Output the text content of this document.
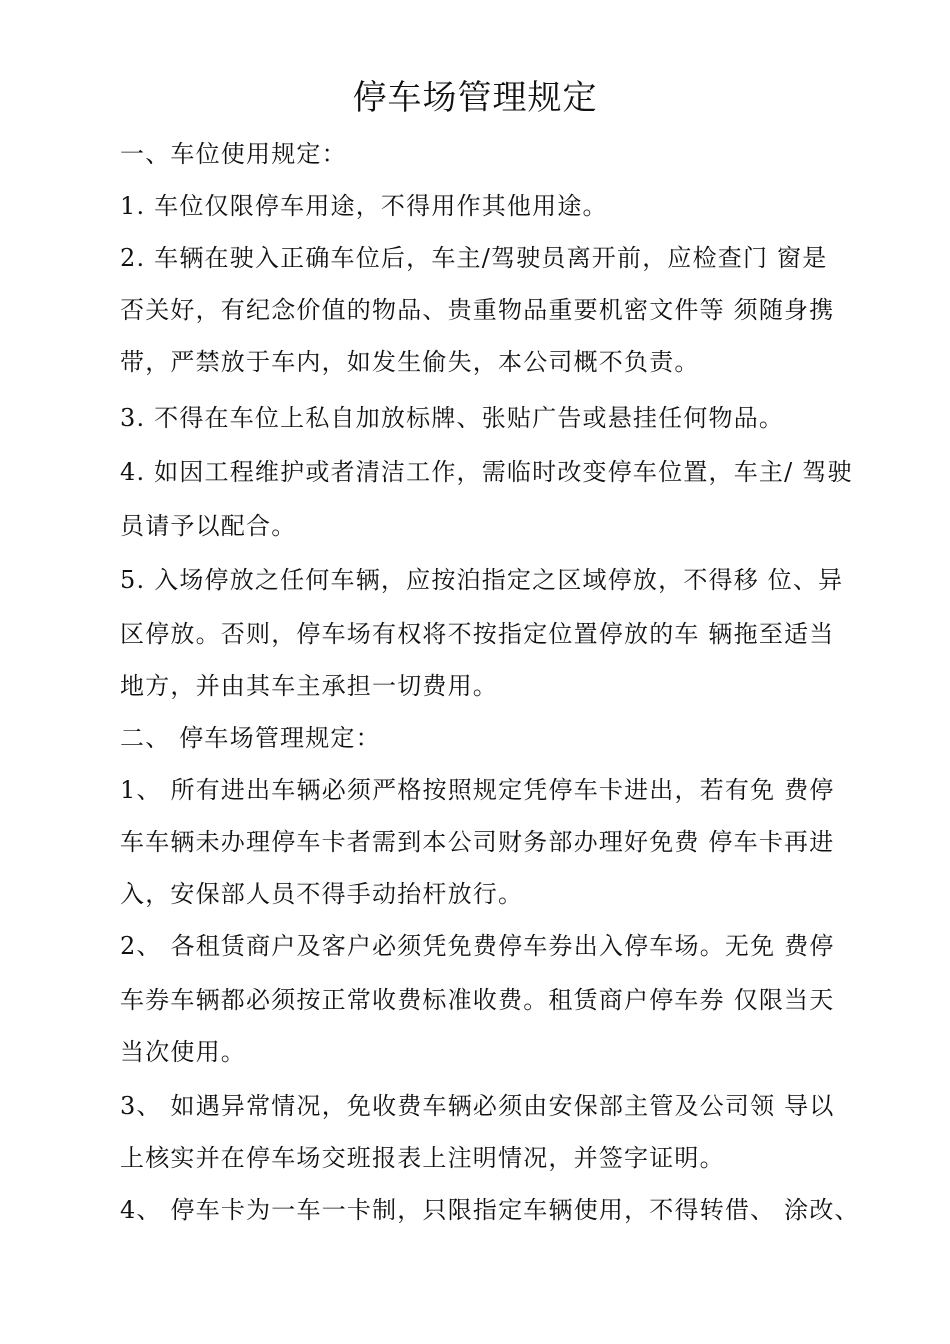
停车场管理规定
一、车位使用规定：
1. 车位仅限停车用途，不得用作其他用途。
2. 车辆在驶入正确车位后，车主/驾驶员离开前，应检查门 窗是
否关好，有纪念价值的物品、贵重物品重要机密文件等 须随身携
带，严禁放于车内，如发生偷失，本公司概不负责。
3. 不得在车位上私自加放标牌、张贴广告或悬挂任何物品。
4. 如因工程维护或者清洁工作，需临时改变停车位置，车主/ 驾驶
员请予以配合。
5. 入场停放之任何车辆，应按泊指定之区域停放，不得移 位、异
区停放。否则，停车场有权将不按指定位置停放的车 辆拖至适当
地方，并由其车主承担一切费用。
二、 停车场管理规定：
1、 所有进出车辆必须严格按照规定凭停车卡进出，若有免 费停
车车辆未办理停车卡者需到本公司财务部办理好免费 停车卡再进
入，安保部人员不得手动抬杆放行。
2、 各租赁商户及客户必须凭免费停车券出入停车场。无免 费停
车券车辆都必须按正常收费标准收费。租赁商户停车券 仅限当天
当次使用。
3、 如遇异常情况，免收费车辆必须由安保部主管及公司领 导以
上核实并在停车场交班报表上注明情况，并签字证明。
4、 停车卡为一车一卡制，只限指定车辆使用，不得转借、 涂改、
